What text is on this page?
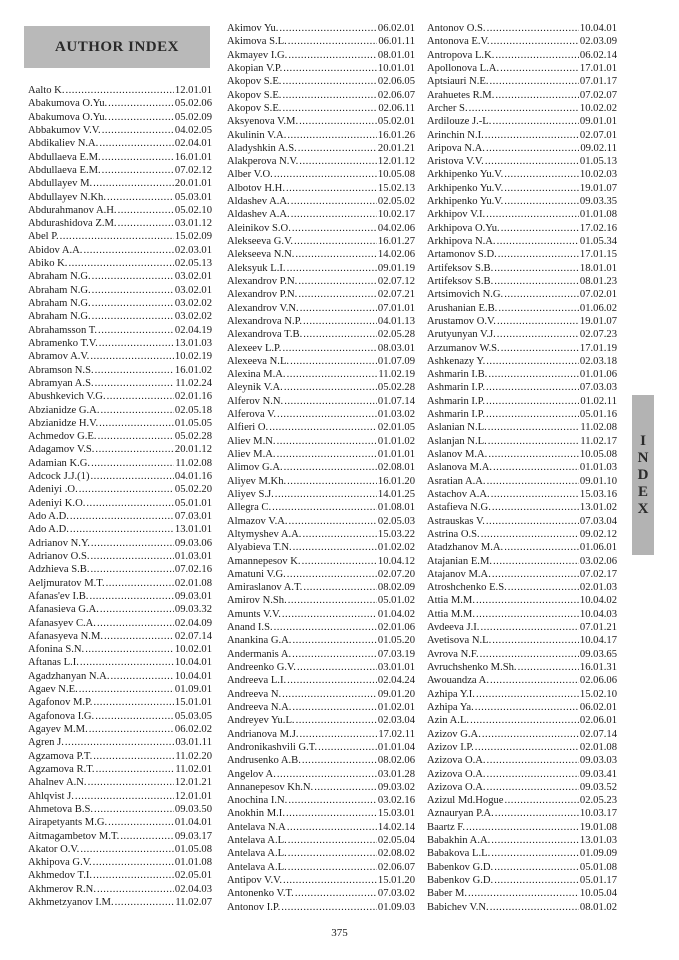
AUTHOR INDEX
Aalto K. .....	12.01.01
Abakumova O.Yu. .....	05.02.06
Abakumova O.Yu. .....	05.02.09
Abbakumov V.V. .....	04.02.05
Abdikaliev N.A. .....	02.04.01
Abdullaeva E.M. .....	16.01.01
Abdullaeva E.M. .....	07.02.12
Abdullayev M. .....	20.01.01
Abdullayev N.Kh. .....	05.03.01
Abdurahmanov A.H. .....	05.02.10
Abdurashidova Z.M. .....	03.01.12
Abel P. .....	15.02.09
Abidov A.A. .....	02.03.01
Abiko K. .....	02.05.13
Abraham N.G. .....	03.02.01
Abraham N.G. .....	03.02.01
Abraham N.G. .....	03.02.02
Abraham N.G. .....	03.02.02
Abrahamsson T. .....	02.04.19
Abramenko T.V. .....	13.01.03
Abramov A.V. .....	10.02.19
Abramson N.S. .....	16.01.02
Abramyan A.S. .....	11.02.24
Abushkevich V.G. .....	02.01.16
Abzianidze G.A. .....	02.05.18
Abzianidze H.V. .....	01.05.05
Achmedov G.E. .....	05.02.28
Adagamov V.S. .....	20.01.12
Adamian K.G. .....	11.02.08
Adcock J.J.(1) .....	04.01.16
Adeniyi .O. .....	05.02.20
Adeniyi K.O. .....	05.01.01
Ado A.D. .....	07.03.01
Ado A.D. .....	13.01.01
Adrianov N.Y. .....	09.03.06
Adrianov O.S. .....	01.03.01
Adzhieva S.B. .....	07.02.16
Aeljmuratov M.T. .....	02.01.08
Afanas'ev I.B. .....	09.03.01
Afanasieva G.A. .....	09.03.32
Afanasyev C.A. .....	02.04.09
Afanasyeva N.M. .....	02.07.14
Afonina S.N. .....	10.02.01
Aftanas L.I. .....	10.04.01
Agadzhanyan N.A. .....	10.04.01
Agaev N.E. .....	01.09.01
Agafonov M.P. .....	15.01.01
Agafonova I.G. .....	05.03.05
Agayev M.M. .....	06.02.02
Agren J. .....	03.01.11
Agzamova P.T. .....	11.02.20
Agzamova R.T. .....	11.02.01
Ahalnev A.N. .....	12.01.21
Ahlqvist J. .....	12.01.01
Ahmetova B.S. .....	09.03.50
Airapetyants M.G. .....	01.04.01
Aitmagambetov M.T. .....	09.03.17
Akator O.V. .....	01.05.08
Akhipova G.V. .....	01.01.08
Akhmedov T.I. .....	02.05.01
Akhmerov R.N. .....	02.04.03
Akhmetzyanov I.M. .....	11.02.07
Akimov Yu. .....	06.02.01
Akimova S.L. .....	06.01.11
Akmayev I.G. .....	08.01.01
Akopian V.P. .....	10.01.01
Akopov S.E. .....	02.06.05
Akopov S.E. .....	02.06.07
Akopov S.E. .....	02.06.11
Aksyenova V.M. .....	05.02.01
Akulinin V.A. .....	16.01.26
Aladyshkin A.S. .....	20.01.21
Alakperova N.V. .....	12.01.12
Alber V.O. .....	10.05.08
Albotov H.H. .....	15.02.13
Aldashev A.A. .....	02.05.02
Aldashev A.A. .....	10.02.17
Aleinikov S.O. .....	04.02.06
Alekseeva G.V. .....	16.01.27
Alekseeva N.N. .....	14.02.06
Aleksyuk L.I. .....	09.01.19
Alexandrov P.N. .....	02.07.12
Alexandrov P.N. .....	02.07.21
Alexandrov V.N. .....	07.01.01
Alexandrova N.P. .....	04.01.13
Alexandrova T.B. .....	02.05.28
Alexeev L.P. .....	08.03.01
Alexeeva N.L. .....	01.07.09
Alexina M.A. .....	11.02.19
Aleynik V.A. .....	05.02.28
Alferov N.N. .....	01.07.14
Alferova V. .....	01.03.02
Alfieri O. .....	02.01.05
Aliev M.N. .....	01.01.02
Aliev M.A. .....	01.01.01
Alimov G.A. .....	02.08.01
Aliyev M.Kh. .....	16.01.20
Aliyev S.J. .....	14.01.25
Allegra C. .....	01.08.01
Almazov V.A. .....	02.05.03
Altymyshev A.A. .....	15.03.22
Alyabieva T.N. .....	01.02.02
Amannepesov K. .....	10.04.12
Amatuni V.G. .....	02.07.20
Amiraslanov A.T. .....	08.02.09
Amirov N.Sh. .....	05.01.02
Amunts V.V. .....	01.04.02
Anand I.S. .....	02.01.06
Anankina G.A. .....	01.05.20
Andermanis A. .....	07.03.19
Andreenko G.V. .....	03.01.01
Andreeva L.I. .....	02.04.24
Andreeva N. .....	09.01.20
Andreeva N.A. .....	01.02.01
Andreyev Yu.L. .....	02.03.04
Andrianova M.J. .....	17.02.11
Andronikashvili G.T. .....	01.01.04
Andrusenko A.B. .....	08.02.06
Angelov A. .....	03.01.28
Annanepesov Kh.N. .....	09.03.02
Anochina I.N. .....	03.02.16
Anokhin M.I. .....	15.03.01
Antelava N.A .....	14.02.14
Antelava A.L. .....	02.05.04
Antelava A.L. .....	02.08.02
Antelava A.L. .....	02.06.07
Antipov V.V. .....	15.01.20
Antonenko V.T. .....	07.03.02
Antonov I.P. .....	01.09.03
Antonov O.S. .....	10.04.01
Antonova E.V. .....	02.03.09
Antropova L.K. .....	06.02.14
Apollonova L.A. .....	17.01.01
Aptsiauri N.E. .....	07.01.17
Arahuetes R.M. .....	07.02.07
Archer S. .....	10.02.02
Ardilouze J.-L. .....	09.01.01
Arinchin N.I. .....	02.07.01
Aripova N.A. .....	09.02.11
Aristova V.V. .....	01.05.13
Arkhipenko Yu.V. .....	10.02.03
Arkhipenko Yu.V. .....	19.01.07
Arkhipenko Yu.V. .....	09.03.35
Arkhipov V.I. .....	01.01.08
Arkhipova O.Yu. .....	17.02.16
Arkhipova N.A. .....	01.05.34
Artamonov S.D. .....	17.01.15
Artifeksov S.B. .....	18.01.01
Artifeksov S.B. .....	08.01.23
Artsimovich N.G. .....	07.02.01
Arushanian E.B. .....	01.06.02
Arustamov O.V. .....	19.01.07
Arutyunyan V.J. .....	02.07.23
Arzumanov W.S. .....	17.01.19
Ashkenazy Y. .....	02.03.18
Ashmarin I.B. .....	01.01.06
Ashmarin I.P. .....	07.03.03
Ashmarin I.P. .....	01.02.11
Ashmarin I.P. .....	05.01.16
Aslanian N.L. .....	11.02.08
Aslanjan N.L. .....	11.02.17
Aslanov M.A. .....	10.05.08
Aslanova M.A. .....	01.01.03
Asratian A.A. .....	09.01.10
Astachov A.A. .....	15.03.16
Astafieva N.G. .....	13.01.02
Astrauskas V. .....	07.03.04
Astrina O.S. .....	09.02.12
Atadzhanov M.A. .....	01.06.01
Atajanian E.M. .....	03.02.06
Atajanov M.A. .....	07.02.17
Atroshchenko E.S. .....	02.01.03
Attia M.M. .....	10.04.02
Attia M.M. .....	10.04.03
Avdeeva J.I. .....	07.01.21
Avetisova N.L. .....	10.04.17
Avrova N.F. .....	09.03.65
Avruchshenko M.Sh. .....	16.01.31
Awouandza A. .....	02.06.06
Azhipa Y.I. .....	15.02.10
Azhipa Ya. .....	06.02.01
Azin A.L. .....	02.06.01
Azizov G.A. .....	02.07.14
Azizov I.P. .....	02.01.08
Azizova O.A. .....	09.03.03
Azizova O.A. .....	09.03.41
Azizova O.A. .....	09.03.52
Azizul Md.Hogue .....	02.05.23
Aznauryan P.A. .....	10.03.17
Baartz F. .....	19.01.08
Babakhin A.A. .....	13.01.03
Babakova L.L. .....	01.09.09
Babenkov G.D. .....	05.01.08
Babenkov G.D. .....	05.01.17
Baber M. .....	10.05.04
Babichev V.N. .....	08.01.02
I
N
D
E
X
375
